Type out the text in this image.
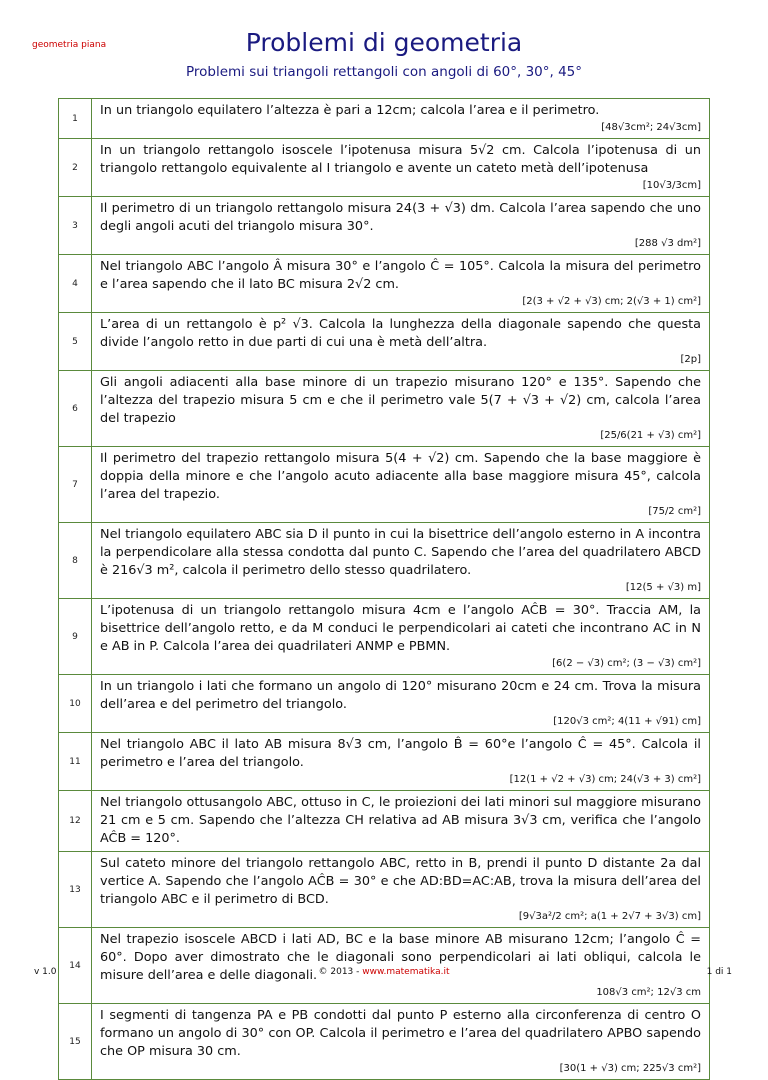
geometria piana	Problemi di geometria
Problemi sui triangoli rettangoli con angoli di 60°, 30°, 45°
1	In un triangolo equilatero l’altezza è pari a 12cm; calcola l’area e il perimetro.
[48√3cm²; 24√3cm]

2	In un triangolo rettangolo isoscele l’ipotenusa misura 5√2 cm. Calcola l’ipotenusa di un triangolo rettangolo equivalente al I triangolo e avente un cateto metà dell’ipotenusa
[10√3/3cm]

3	Il perimetro di un triangolo rettangolo misura 24(3 + √3) dm. Calcola l’area sapendo che uno degli angoli acuti del triangolo misura 30°.
[288 √3 dm²]

4	Nel triangolo ABC l’angolo Â misura 30° e l’angolo Ĉ = 105°. Calcola la misura del perimetro e l’area sapendo che il lato BC misura 2√2 cm.
[2(3 + √2 + √3) cm; 2(√3 + 1) cm²]

5	L’area di un rettangolo è p² √3. Calcola la lunghezza della diagonale sapendo che questa divide l’angolo retto in due parti di cui una è metà dell’altra.
[2p]

6	Gli angoli adiacenti alla base minore di un trapezio misurano 120° e 135°. Sapendo che l’altezza del trapezio misura 5 cm e che il perimetro vale 5(7 + √3 + √2) cm, calcola l’area del trapezio
[25/6(21 + √3) cm²]

7	Il perimetro del trapezio rettangolo misura 5(4 + √2) cm. Sapendo che la base maggiore è doppia della minore e che l’angolo acuto adiacente alla base maggiore misura 45°, calcola l’area del trapezio.
[75/2 cm²]

8	Nel triangolo equilatero ABC sia D il punto in cui la bisettrice dell’angolo esterno in A incontra la perpendicolare alla stessa condotta dal punto C. Sapendo che l’area del quadrilatero ABCD è 216√3 m², calcola il perimetro dello stesso quadrilatero.
[12(5 + √3) m]

9	L’ipotenusa di un triangolo rettangolo misura 4cm e l’angolo AĈB = 30°. Traccia AM, la bisettrice dell’angolo retto, e da M conduci le perpendicolari ai cateti che incontrano AC in N e AB in P. Calcola l’area dei quadrilateri ANMP e PBMN.
[6(2 − √3) cm²; (3 − √3) cm²]

10	In un triangolo i lati che formano un angolo di 120° misurano 20cm e 24 cm. Trova la misura dell’area e del perimetro del triangolo.
[120√3 cm²; 4(11 + √91) cm]

11	Nel triangolo ABC il lato AB misura 8√3 cm, l’angolo B̂ = 60°e l’angolo Ĉ = 45°. Calcola il perimetro e l’area del triangolo.
[12(1 + √2 + √3) cm; 24(√3 + 3) cm²]

12	Nel triangolo ottusangolo ABC, ottuso in C, le proiezioni dei lati minori sul maggiore misurano 21 cm e 5 cm. Sapendo che l’altezza CH relativa ad AB misura 3√3 cm, verifica che l’angolo AĈB = 120°.

13	Sul cateto minore del triangolo rettangolo ABC, retto in B, prendi il punto D distante 2a dal vertice A. Sapendo che l’angolo AĈB = 30° e che AD:BD=AC:AB, trova la misura dell’area del triangolo ABC e il perimetro di BCD.
[9√3a²/2 cm²; a(1 + 2√7 + 3√3) cm]

14	Nel trapezio isoscele ABCD i lati AD, BC e la base minore AB misurano 12cm; l’angolo Ĉ = 60°. Dopo aver dimostrato che le diagonali sono perpendicolari ai lati obliqui, calcola le misure dell’area e delle diagonali.
108√3 cm²; 12√3 cm

15	I segmenti di tangenza PA e PB condotti dal punto P esterno alla circonferenza di centro O formano un angolo di 30° con OP. Calcola il perimetro e l’area del quadrilatero APBO sapendo che OP misura 30 cm.
[30(1 + √3) cm; 225√3 cm²]
v 1.0	© 2013 - www.matematika.it	1 di 1
